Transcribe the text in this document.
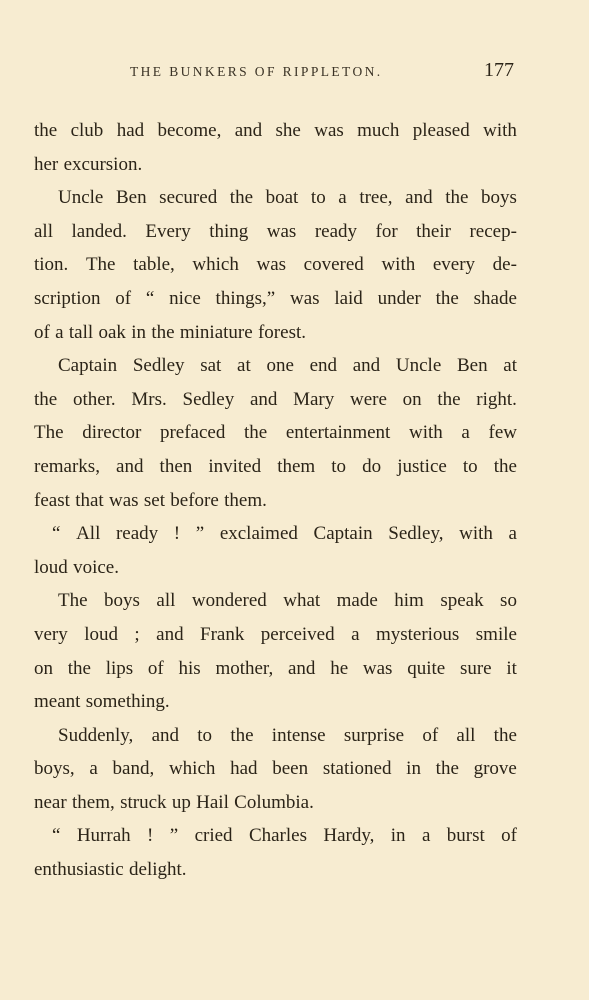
THE BUNKERS OF RIPPLETON.	177
the club had become, and she was much pleased with
her excursion.
Uncle Ben secured the boat to a tree, and the boys
all landed. Every thing was ready for their recep-
tion. The table, which was covered with every de-
scription of “ nice things,” was laid under the shade
of a tall oak in the miniature forest.
Captain Sedley sat at one end and Uncle Ben at
the other. Mrs. Sedley and Mary were on the right.
The director prefaced the entertainment with a few
remarks, and then invited them to do justice to the
feast that was set before them.
“ All ready ! ” exclaimed Captain Sedley, with a
loud voice.
The boys all wondered what made him speak so
very loud ; and Frank perceived a mysterious smile
on the lips of his mother, and he was quite sure it
meant something.
Suddenly, and to the intense surprise of all the
boys, a band, which had been stationed in the grove
near them, struck up Hail Columbia.
“ Hurrah ! ” cried Charles Hardy, in a burst of
enthusiastic delight.
